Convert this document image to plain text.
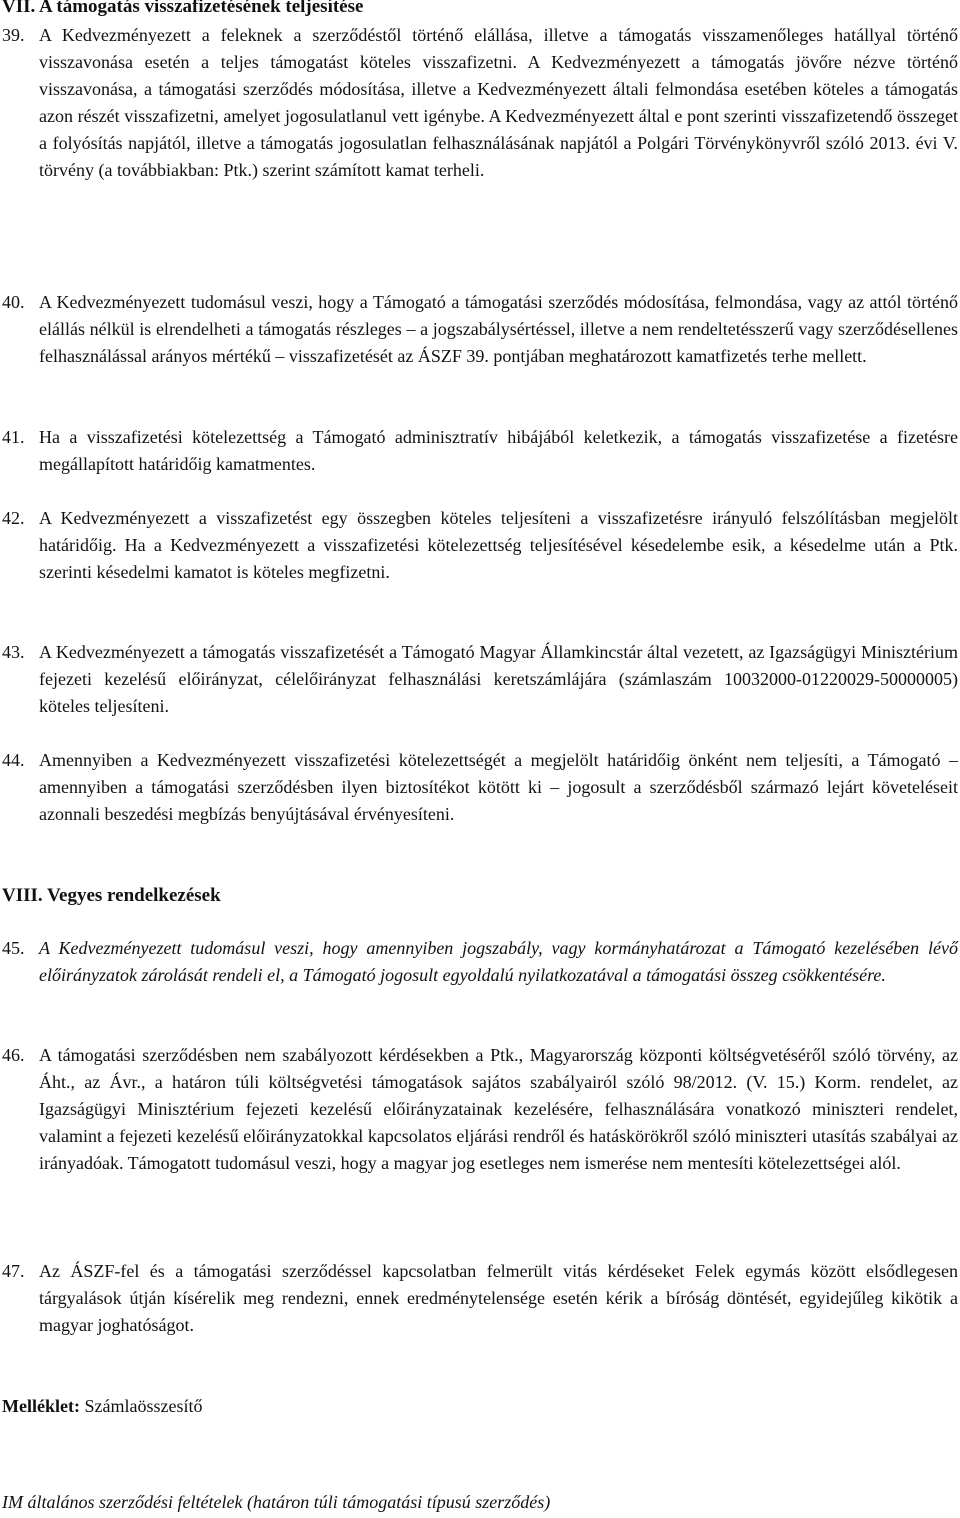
VII. A támogatás visszafizetésének teljesítése
39. A Kedvezményezett a feleknek a szerződéstől történő elállása, illetve a támogatás visszamenőleges hatállyal történő visszavonása esetén a teljes támogatást köteles visszafizetni. A Kedvezményezett a támogatás jövőre nézve történő visszavonása, a támogatási szerződés módosítása, illetve a Kedvezményezett általi felmondása esetében köteles a támogatás azon részét visszafizetni, amelyet jogosulatlanul vett igénybe. A Kedvezményezett által e pont szerinti visszafizetendő összeget a folyósítás napjától, illetve a támogatás jogosulatlan felhasználásának napjától a Polgári Törvénykönyvről szóló 2013. évi V. törvény (a továbbiakban: Ptk.) szerint számított kamat terheli.
40. A Kedvezményezett tudomásul veszi, hogy a Támogató a támogatási szerződés módosítása, felmondása, vagy az attól történő elállás nélkül is elrendelheti a támogatás részleges – a jogszabálysértéssel, illetve a nem rendeltetésszerű vagy szerződésellenes felhasználással arányos mértékű – visszafizetését az ÁSZF 39. pontjában meghatározott kamatfizetés terhe mellett.
41. Ha a visszafizetési kötelezettség a Támogató adminisztratív hibájából keletkezik, a támogatás visszafizetése a fizetésre megállapított határidőig kamatmentes.
42. A Kedvezményezett a visszafizetést egy összegben köteles teljesíteni a visszafizetésre irányuló felszólításban megjelölt határidőig. Ha a Kedvezményezett a visszafizetési kötelezettség teljesítésével késedelembe esik, a késedelme után a Ptk. szerinti késedelmi kamatot is köteles megfizetni.
43. A Kedvezményezett a támogatás visszafizetését a Támogató Magyar Államkincstár által vezetett, az Igazságügyi Minisztérium fejezeti kezelésű előirányzat, célelőirányzat felhasználási keretszámlájára (számlaszám 10032000-01220029-50000005) köteles teljesíteni.
44. Amennyiben a Kedvezményezett visszafizetési kötelezettségét a megjelölt határidőig önként nem teljesíti, a Támogató – amennyiben a támogatási szerződésben ilyen biztosítékot kötött ki – jogosult a szerződésből származó lejárt követeléseit azonnali beszedési megbízás benyújtásával érvényesíteni.
VIII. Vegyes rendelkezések
45. A Kedvezményezett tudomásul veszi, hogy amennyiben jogszabály, vagy kormányhatározat a Támogató kezelésében lévő előirányzatok zárolását rendeli el, a Támogató jogosult egyoldalú nyilatkozatával a támogatási összeg csökkentésére.
46. A támogatási szerződésben nem szabályozott kérdésekben a Ptk., Magyarország központi költségvetéséről szóló törvény, az Áht., az Ávr., a határon túli költségvetési támogatások sajátos szabályairól szóló 98/2012. (V. 15.) Korm. rendelet, az Igazságügyi Minisztérium fejezeti kezelésű előirányzatainak kezelésére, felhasználására vonatkozó miniszteri rendelet, valamint a fejezeti kezelésű előirányzatokkal kapcsolatos eljárási rendről és hatáskörökről szóló miniszteri utasítás szabályai az irányadóak. Támogatott tudomásul veszi, hogy a magyar jog esetleges nem ismerése nem mentesíti kötelezettségei alól.
47. Az ÁSZF-fel és a támogatási szerződéssel kapcsolatban felmerült vitás kérdéseket Felek egymás között elsődlegesen tárgyalások útján kísérelik meg rendezni, ennek eredménytelensége esetén kérik a bíróság döntését, egyidejűleg kikötik a magyar joghatóságot.
Melléklet: Számlaösszesítő
IM általános szerződési feltételek (határon túli támogatási típusú szerződés)
